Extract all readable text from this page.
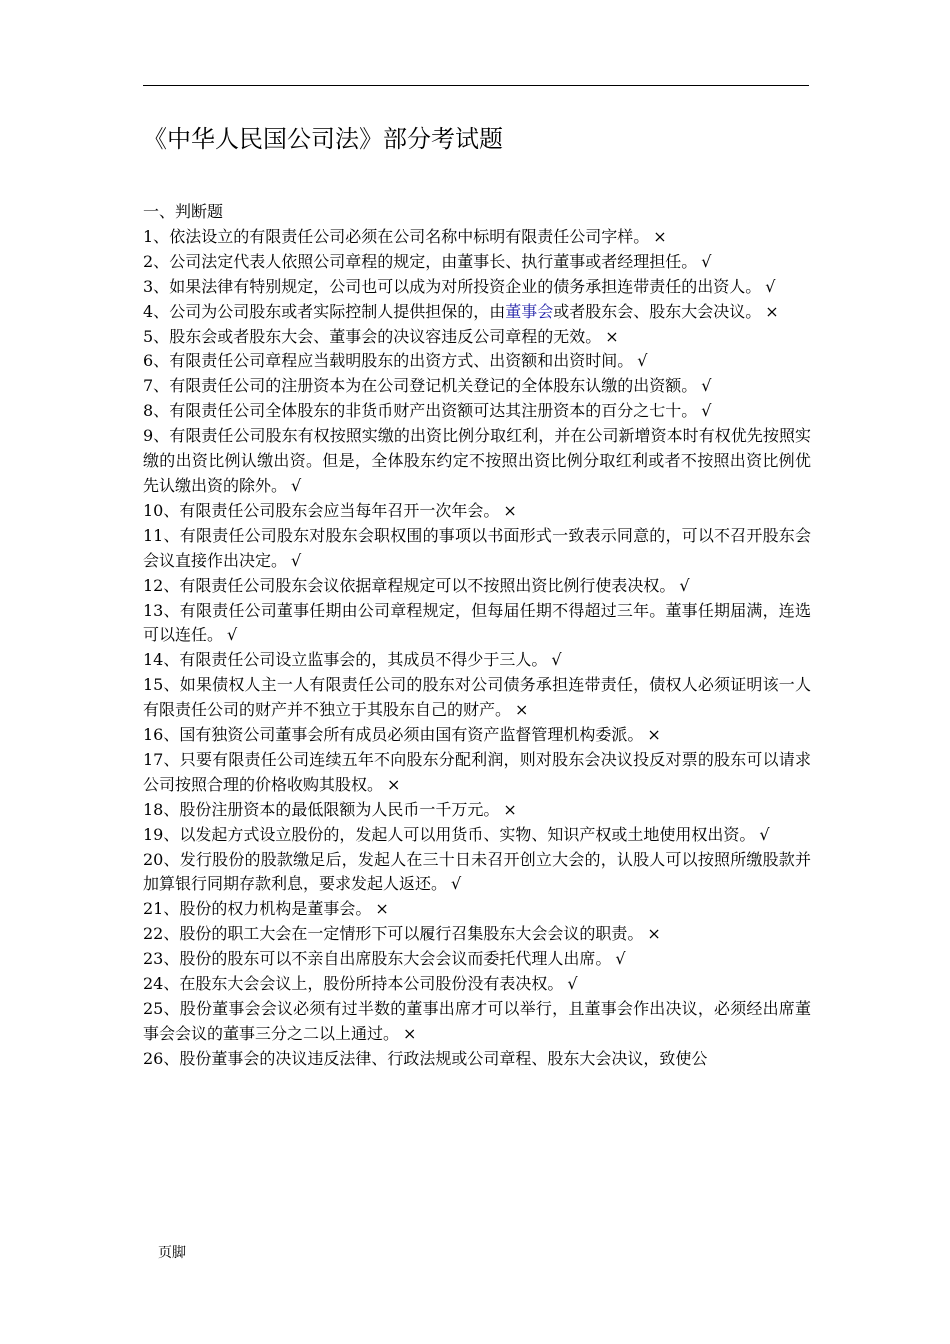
《中华人民国公司法》部分考试题
一、判断题
1、依法设立的有限责任公司必须在公司名称中标明有限责任公司字样。 ×
2、公司法定代表人依照公司章程的规定，由董事长、执行董事或者经理担任。 √
3、如果法律有特别规定，公司也可以成为对所投资企业的债务承担连带责任的出资人。 √
4、公司为公司股东或者实际控制人提供担保的，由董事会或者股东会、股东大会决议。 ×
5、股东会或者股东大会、董事会的决议容违反公司章程的无效。 ×
6、有限责任公司章程应当载明股东的出资方式、出资额和出资时间。 √
7、有限责任公司的注册资本为在公司登记机关登记的全体股东认缴的出资额。 √
8、有限责任公司全体股东的非货币财产出资额可达其注册资本的百分之七十。 √
9、有限责任公司股东有权按照实缴的出资比例分取红利，并在公司新增资本时有权优先按照实缴的出资比例认缴出资。但是，全体股东约定不按照出资比例分取红利或者不按照出资比例优先认缴出资的除外。 √
10、有限责任公司股东会应当每年召开一次年会。 ×
11、有限责任公司股东对股东会职权围的事项以书面形式一致表示同意的，可以不召开股东会会议直接作出决定。 √
12、有限责任公司股东会议依据章程规定可以不按照出资比例行使表决权。 √
13、有限责任公司董事任期由公司章程规定，但每届任期不得超过三年。董事任期届满，连选可以连任。 √
14、有限责任公司设立监事会的，其成员不得少于三人。 √
15、如果债权人主一人有限责任公司的股东对公司债务承担连带责任，债权人必须证明该一人有限责任公司的财产并不独立于其股东自己的财产。 ×
16、国有独资公司董事会所有成员必须由国有资产监督管理机构委派。 ×
17、只要有限责任公司连续五年不向股东分配利润，则对股东会决议投反对票的股东可以请求公司按照合理的价格收购其股权。 ×
18、股份注册资本的最低限额为人民币一千万元。 ×
19、以发起方式设立股份的，发起人可以用货币、实物、知识产权或土地使用权出资。 √
20、发行股份的股款缴足后，发起人在三十日未召开创立大会的，认股人可以按照所缴股款并加算银行同期存款利息，要求发起人返还。 √
21、股份的权力机构是董事会。 ×
22、股份的职工大会在一定情形下可以履行召集股东大会会议的职责。 ×
23、股份的股东可以不亲自出席股东大会会议而委托代理人出席。 √
24、在股东大会会议上，股份所持本公司股份没有表决权。 √
25、股份董事会会议必须有过半数的董事出席才可以举行，且董事会作出决议，必须经出席董事会会议的董事三分之二以上通过。 ×
26、股份董事会的决议违反法律、行政法规或公司章程、股东大会决议，致使公
页脚
